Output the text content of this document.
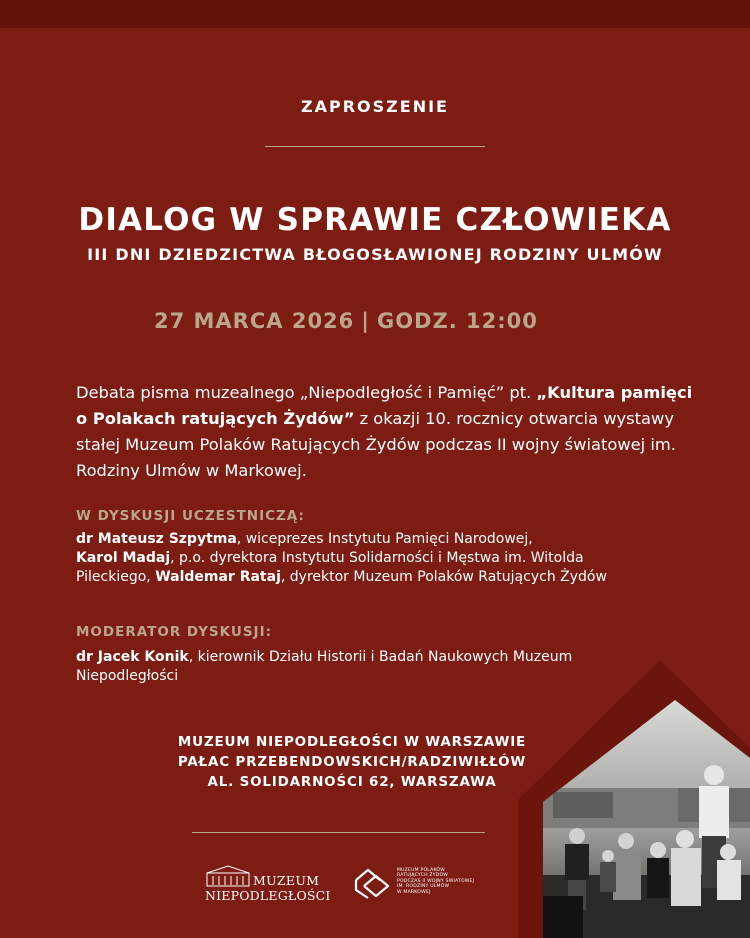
ZAPROSZENIE
DIALOG W SPRAWIE CZŁOWIEKA
III DNI DZIEDZICTWA BŁOGOSŁAWIONEJ RODZINY ULMÓW
27 MARCA 2026 | GODZ. 12:00

Debata pisma muzealnego „Niepodległość i Pamięć” pt. „Kultura pamięci o Polakach ratujących Żydów” z okazji 10. rocznicy otwarcia wystawy stałej Muzeum Polaków Ratujących Żydów podczas II wojny światowej im. Rodziny Ulmów w Markowej.

W DYSKUSJI UCZESTNICZĄ:

dr Mateusz Szpytma, wiceprezes Instytutu Pamięci Narodowej,
Karol Madaj, p.o. dyrektora Instytutu Solidarności i Męstwa im. Witolda Pileckiego, Waldemar Rataj, dyrektor Muzeum Polaków Ratujących Żydów

MODERATOR DYSKUSJI:

dr Jacek Konik, kierownik Działu Historii i Badań Naukowych Muzeum Niepodległości

MUZEUM NIEPODLEGŁOŚCI W WARSZAWIE
PAŁAC PRZEBENDOWSKICH/RADZIWIŁŁÓW
AL. SOLIDARNOŚCI 62, WARSZAWA
MUZEUM
NIEPODLEGŁOŚCI
MUZEUM POLAKÓW
RATUJĄCYCH ŻYDÓW
PODCZAS II WOJNY ŚWIATOWEJ
IM. RODZINY ULMÓW
W MARKOWEJ
